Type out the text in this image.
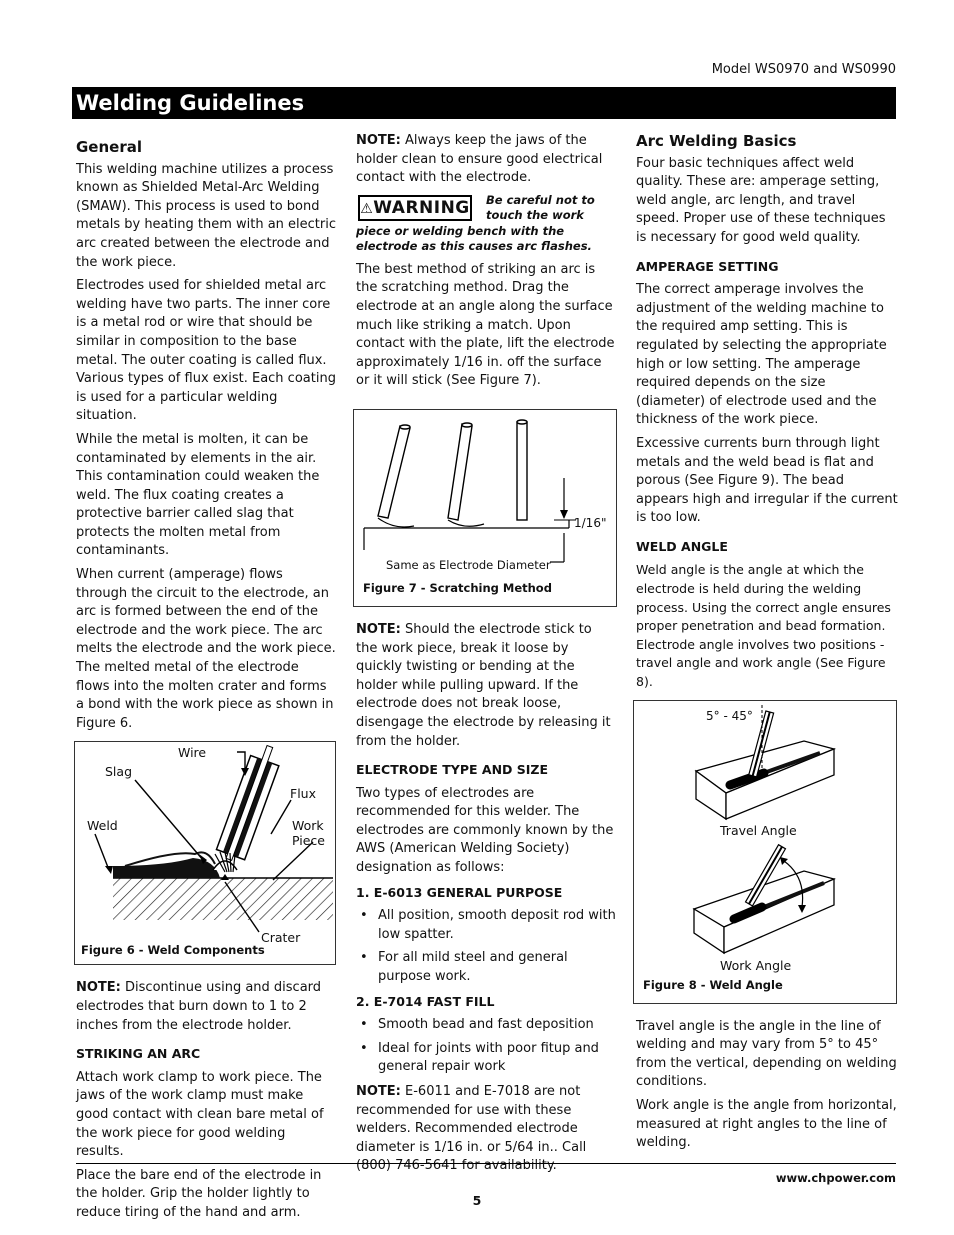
Model WS0970 and WS0990
Welding Guidelines
General

This welding machine utilizes a process known as Shielded Metal-Arc Welding (SMAW). This process is used to bond metals by heating them with an electric arc created between the electrode and the work piece.

Electrodes used for shielded metal arc welding have two parts. The inner core is a metal rod or wire that should be similar in composition to the base metal. The outer coating is called flux. Various types of flux exist. Each coating is used for a particular welding situation.

While the metal is molten, it can be contaminated by elements in the air. This contamination could weaken the weld. The flux coating creates a protective barrier called slag that protects the molten metal from contaminants.

When current (amperage) flows through the circuit to the electrode, an arc is formed between the end of the electrode and the work piece. The arc melts the electrode and the work piece. The melted metal of the electrode flows into the molten crater and forms a bond with the work piece as shown in Figure 6.

Wire
Slag
Flux
Weld	Work
Piece
Crater
Figure 6 - Weld Components

NOTE: Discontinue using and discard electrodes that burn down to 1 to 2 inches from the electrode holder.

STRIKING AN ARC

Attach work clamp to work piece. The jaws of the work clamp must make good contact with clean bare metal of the work piece for good welding results.

Place the bare end of the electrode in the holder. Grip the holder lightly to reduce tiring of the hand and arm.

NOTE: Always keep the jaws of the holder clean to ensure good electrical contact with the electrode.

⚠WARNING	Be careful not to touch the work piece or welding bench with the electrode as this causes arc flashes.

The best method of striking an arc is the scratching method. Drag the electrode at an angle along the surface much like striking a match. Upon contact with the plate, lift the electrode approximately 1/16 in. off the surface or it will stick (See Figure 7).

1/16"
Same as Electrode Diameter
Figure 7 - Scratching Method

NOTE: Should the electrode stick to the work piece, break it loose by quickly twisting or bending at the holder while pulling upward. If the electrode does not break loose, disengage the electrode by releasing it from the holder.

ELECTRODE TYPE AND SIZE

Two types of electrodes are recommended for this welder. The electrodes are commonly known by the AWS (American Welding Society) designation as follows:

1. E-6013 GENERAL PURPOSE
• All position, smooth deposit rod with low spatter.
• For all mild steel and general purpose work.
2. E-7014 FAST FILL
• Smooth bead and fast deposition
• Ideal for joints with poor fitup and general repair work

NOTE: E-6011 and E-7018 are not recommended for use with these welders. Recommended electrode diameter is 1/16 in. or 5/64 in.. Call (800) 746-5641 for availability.

Arc Welding Basics

Four basic techniques affect weld quality. These are: amperage setting, weld angle, arc length, and travel speed. Proper use of these techniques is necessary for good weld quality.

AMPERAGE SETTING

The correct amperage involves the adjustment of the welding machine to the required amp setting. This is regulated by selecting the appropriate high or low setting. The amperage required depends on the size (diameter) of electrode used and the thickness of the work piece.

Excessive currents burn through light metals and the weld bead is flat and porous (See Figure 9). The bead appears high and irregular if the current is too low.

WELD ANGLE

Weld angle is the angle at which the electrode is held during the welding process. Using the correct angle ensures proper penetration and bead formation. Electrode angle involves two positions - travel angle and work angle (See Figure 8).

5° - 45°
Travel Angle
Work Angle
Figure 8 - Weld Angle

Travel angle is the angle in the line of welding and may vary from 5° to 45° from the vertical, depending on welding conditions.

Work angle is the angle from horizontal, measured at right angles to the line of welding.

www.chpower.com
5
